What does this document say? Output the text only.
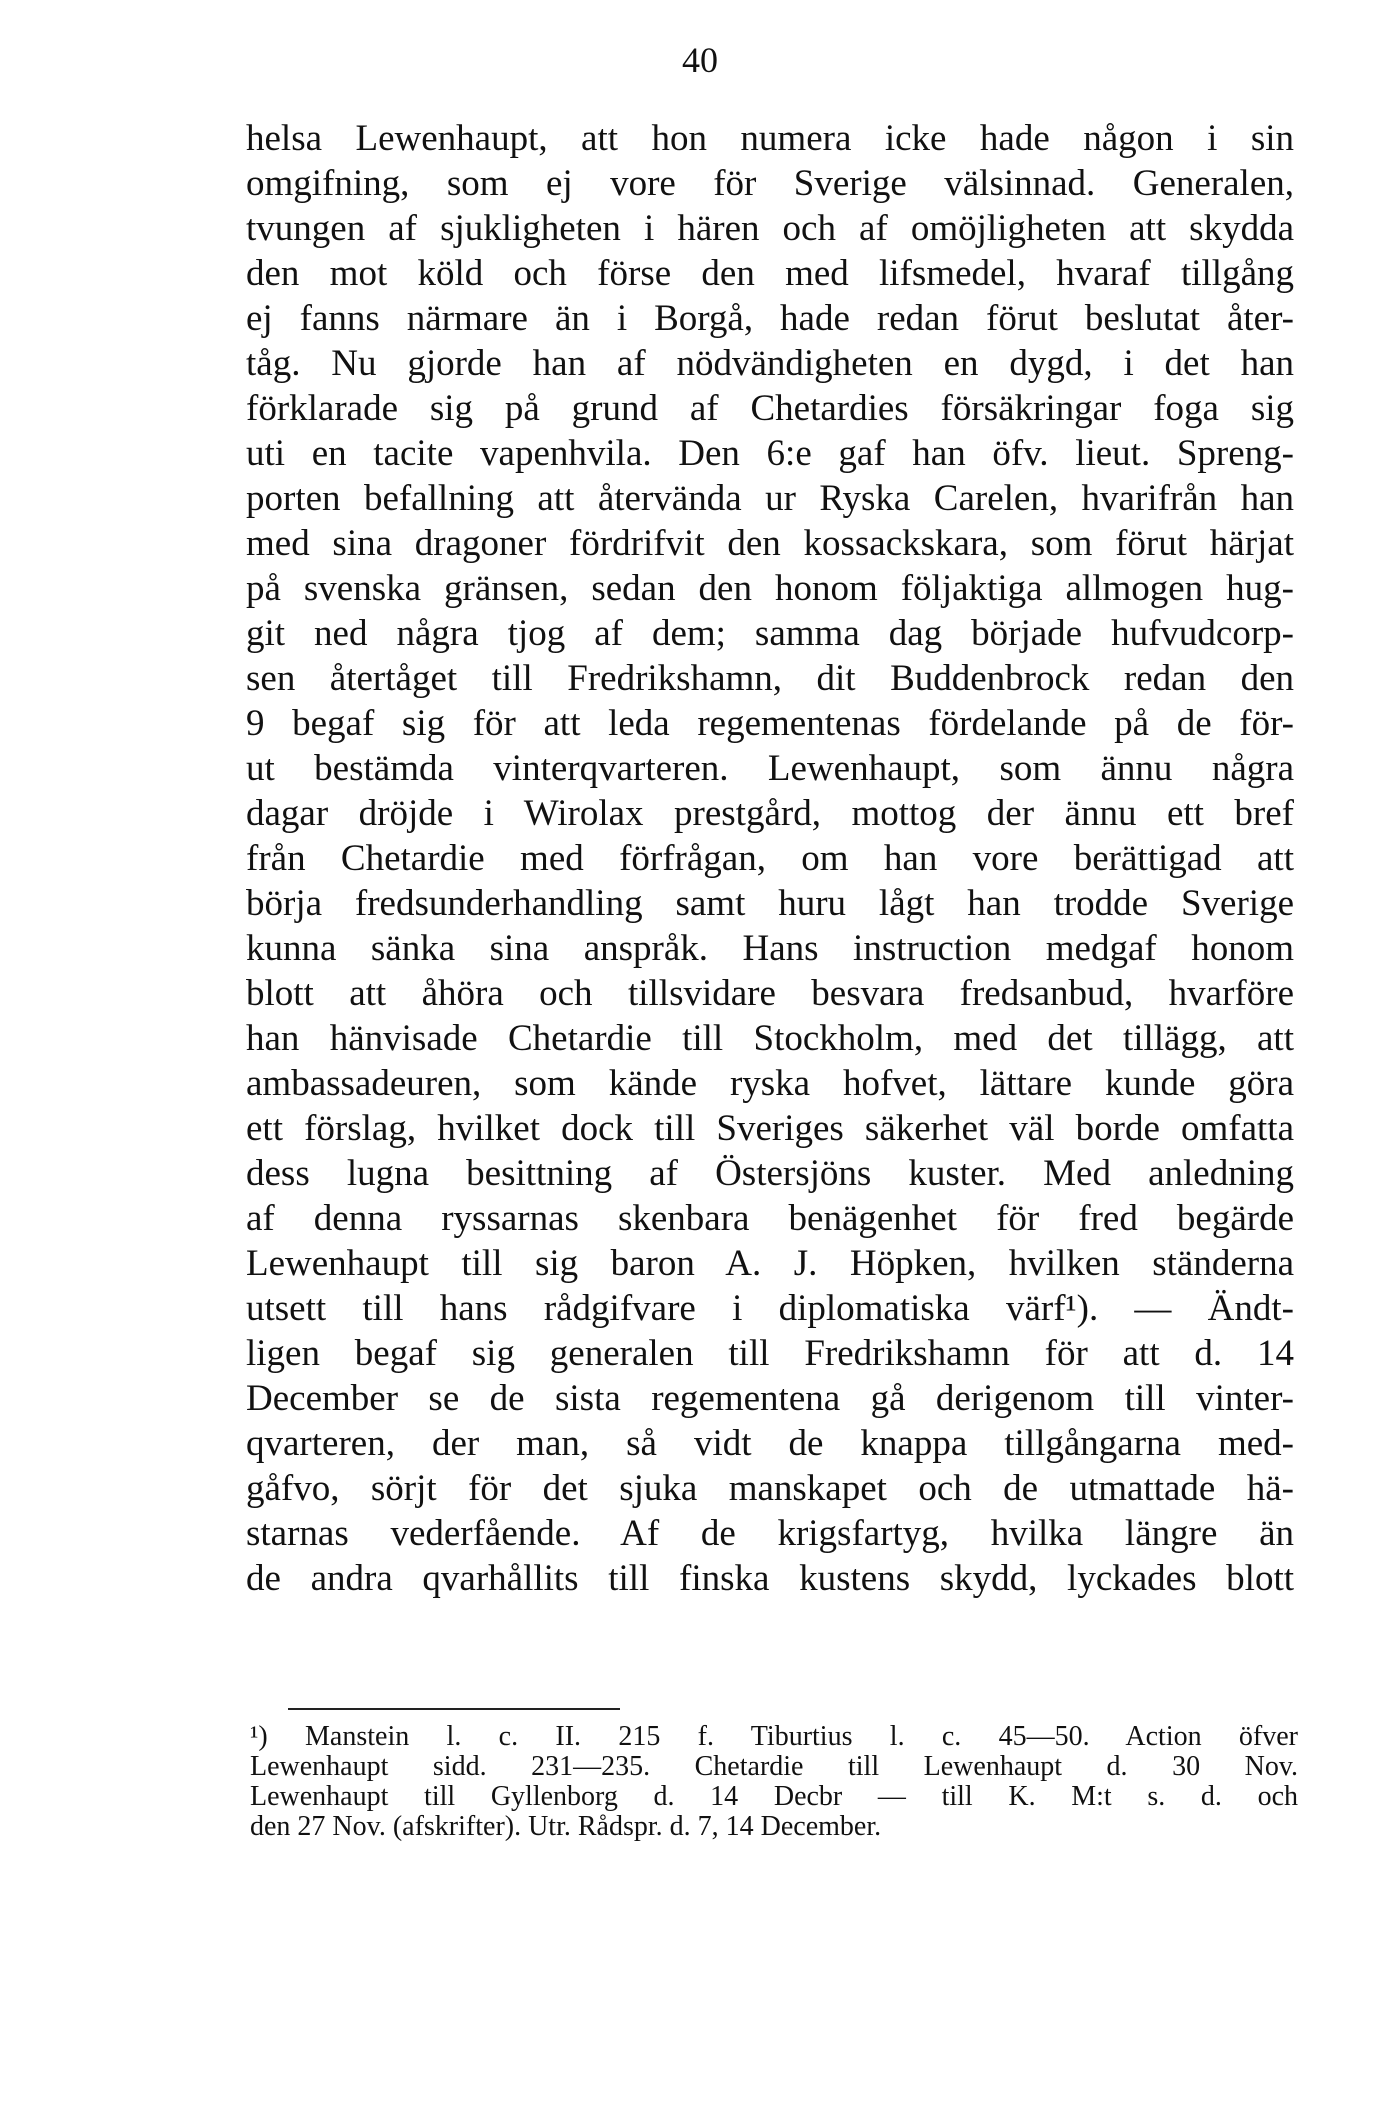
40
helsa Lewenhaupt, att hon numera icke hade någon i sin
omgifning, som ej vore för Sverige välsinnad. Generalen,
tvungen af sjukligheten i hären och af omöjligheten att skydda
den mot köld och förse den med lifsmedel, hvaraf tillgång
ej fanns närmare än i Borgå, hade redan förut beslutat åter-
tåg. Nu gjorde han af nödvändigheten en dygd, i det han
förklarade sig på grund af Chetardies försäkringar foga sig
uti en tacite vapenhvila. Den 6:e gaf han öfv. lieut. Spreng-
porten befallning att återvända ur Ryska Carelen, hvarifrån han
med sina dragoner fördrifvit den kossackskara, som förut härjat
på svenska gränsen, sedan den honom följaktiga allmogen hug-
git ned några tjog af dem; samma dag började hufvudcorp-
sen återtåget till Fredrikshamn, dit Buddenbrock redan den
9 begaf sig för att leda regementenas fördelande på de för-
ut bestämda vinterqvarteren. Lewenhaupt, som ännu några
dagar dröjde i Wirolax prestgård, mottog der ännu ett bref
från Chetardie med förfrågan, om han vore berättigad att
börja fredsunderhandling samt huru lågt han trodde Sverige
kunna sänka sina anspråk. Hans instruction medgaf honom
blott att åhöra och tillsvidare besvara fredsanbud, hvarföre
han hänvisade Chetardie till Stockholm, med det tillägg, att
ambassadeuren, som kände ryska hofvet, lättare kunde göra
ett förslag, hvilket dock till Sveriges säkerhet väl borde omfatta
dess lugna besittning af Östersjöns kuster. Med anledning
af denna ryssarnas skenbara benägenhet för fred begärde
Lewenhaupt till sig baron A. J. Höpken, hvilken ständerna
utsett till hans rådgifvare i diplomatiska värf¹). — Ändt-
ligen begaf sig generalen till Fredrikshamn för att d. 14
December se de sista regementena gå derigenom till vinter-
qvarteren, der man, så vidt de knappa tillgångarna med-
gåfvo, sörjt för det sjuka manskapet och de utmattade hä-
starnas vederfående. Af de krigsfartyg, hvilka längre än
de andra qvarhållits till finska kustens skydd, lyckades blott
¹) Manstein l. c. II. 215 f. Tiburtius l. c. 45—50. Action öfver
Lewenhaupt sidd. 231—235. Chetardie till Lewenhaupt d. 30 Nov.
Lewenhaupt till Gyllenborg d. 14 Decbr — till K. M:t s. d. och
den 27 Nov. (afskrifter). Utr. Rådspr. d. 7, 14 December.
